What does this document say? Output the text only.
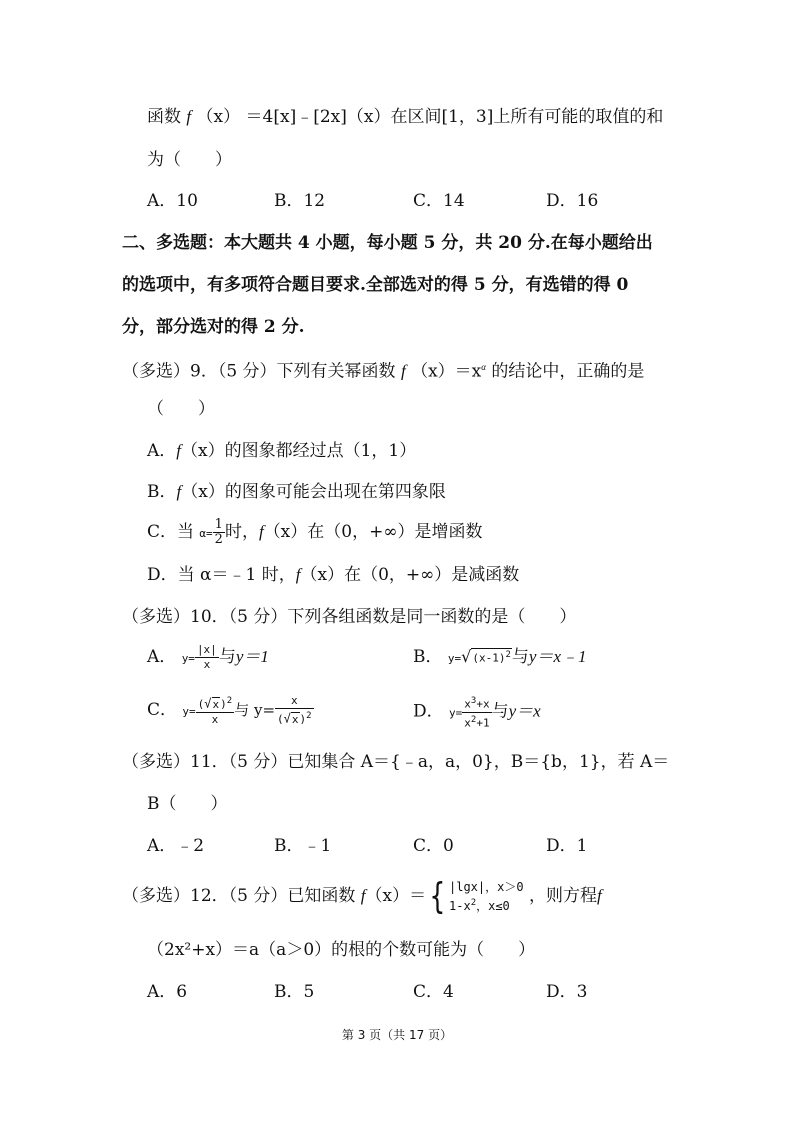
函数 f （x） ＝4[x]﹣[2x]（x）在区间[1，3]上所有可能的取值的和
为（　　）
A．10	B．12	C．14	D．16
二、多选题：本大题共 4 小题，每小题 5 分，共 20 分.在每小题给出
的选项中，有多项符合题目要求.全部选对的得 5 分，有选错的得 0
分，部分选对的得 2 分.
（多选）9．（5 分）下列有关幂函数 f $(x)=x^\alpha$ 的结论中，正确的是
（　　）
A．f（x）的图象都经过点（1，1）
B．f（x）的图象可能会出现在第四象限
C．当 $\alpha= \frac{1}{2}$ 时，f（x）在（0，+∞）是增函数
D．当 α＝﹣1 时，f（x）在（0，+∞）是减函数
（多选）10．（5 分）下列各组函数是同一函数的是（　　）
A． $y= \frac{|x|}{x}$ 与y＝1	B． $y=√(x-1)^2$与y＝x﹣1
C． $y= \frac{(√x)^2}{x}$ 与 $y= \frac{x}{(√x)^2}$	D． $y= \frac{x^3+x}{x^2+1}$ 与y＝x
（多选）11．（5 分）已知集合 A＝{﹣a，a，0}，B＝{b，1}，若 A＝
B（　　）
A．﹣2	B．﹣1	C．0	D．1
（多选）12．（5 分）已知函数 f（x）＝{ |lgx|，x＞0
$1-x^2$，x≤0	，则方程f
（2x²+x）＝a（a＞0）的根的个数可能为（　　）
A．6	B．5	C．4	D．3
第 3 页（共 17 页）
